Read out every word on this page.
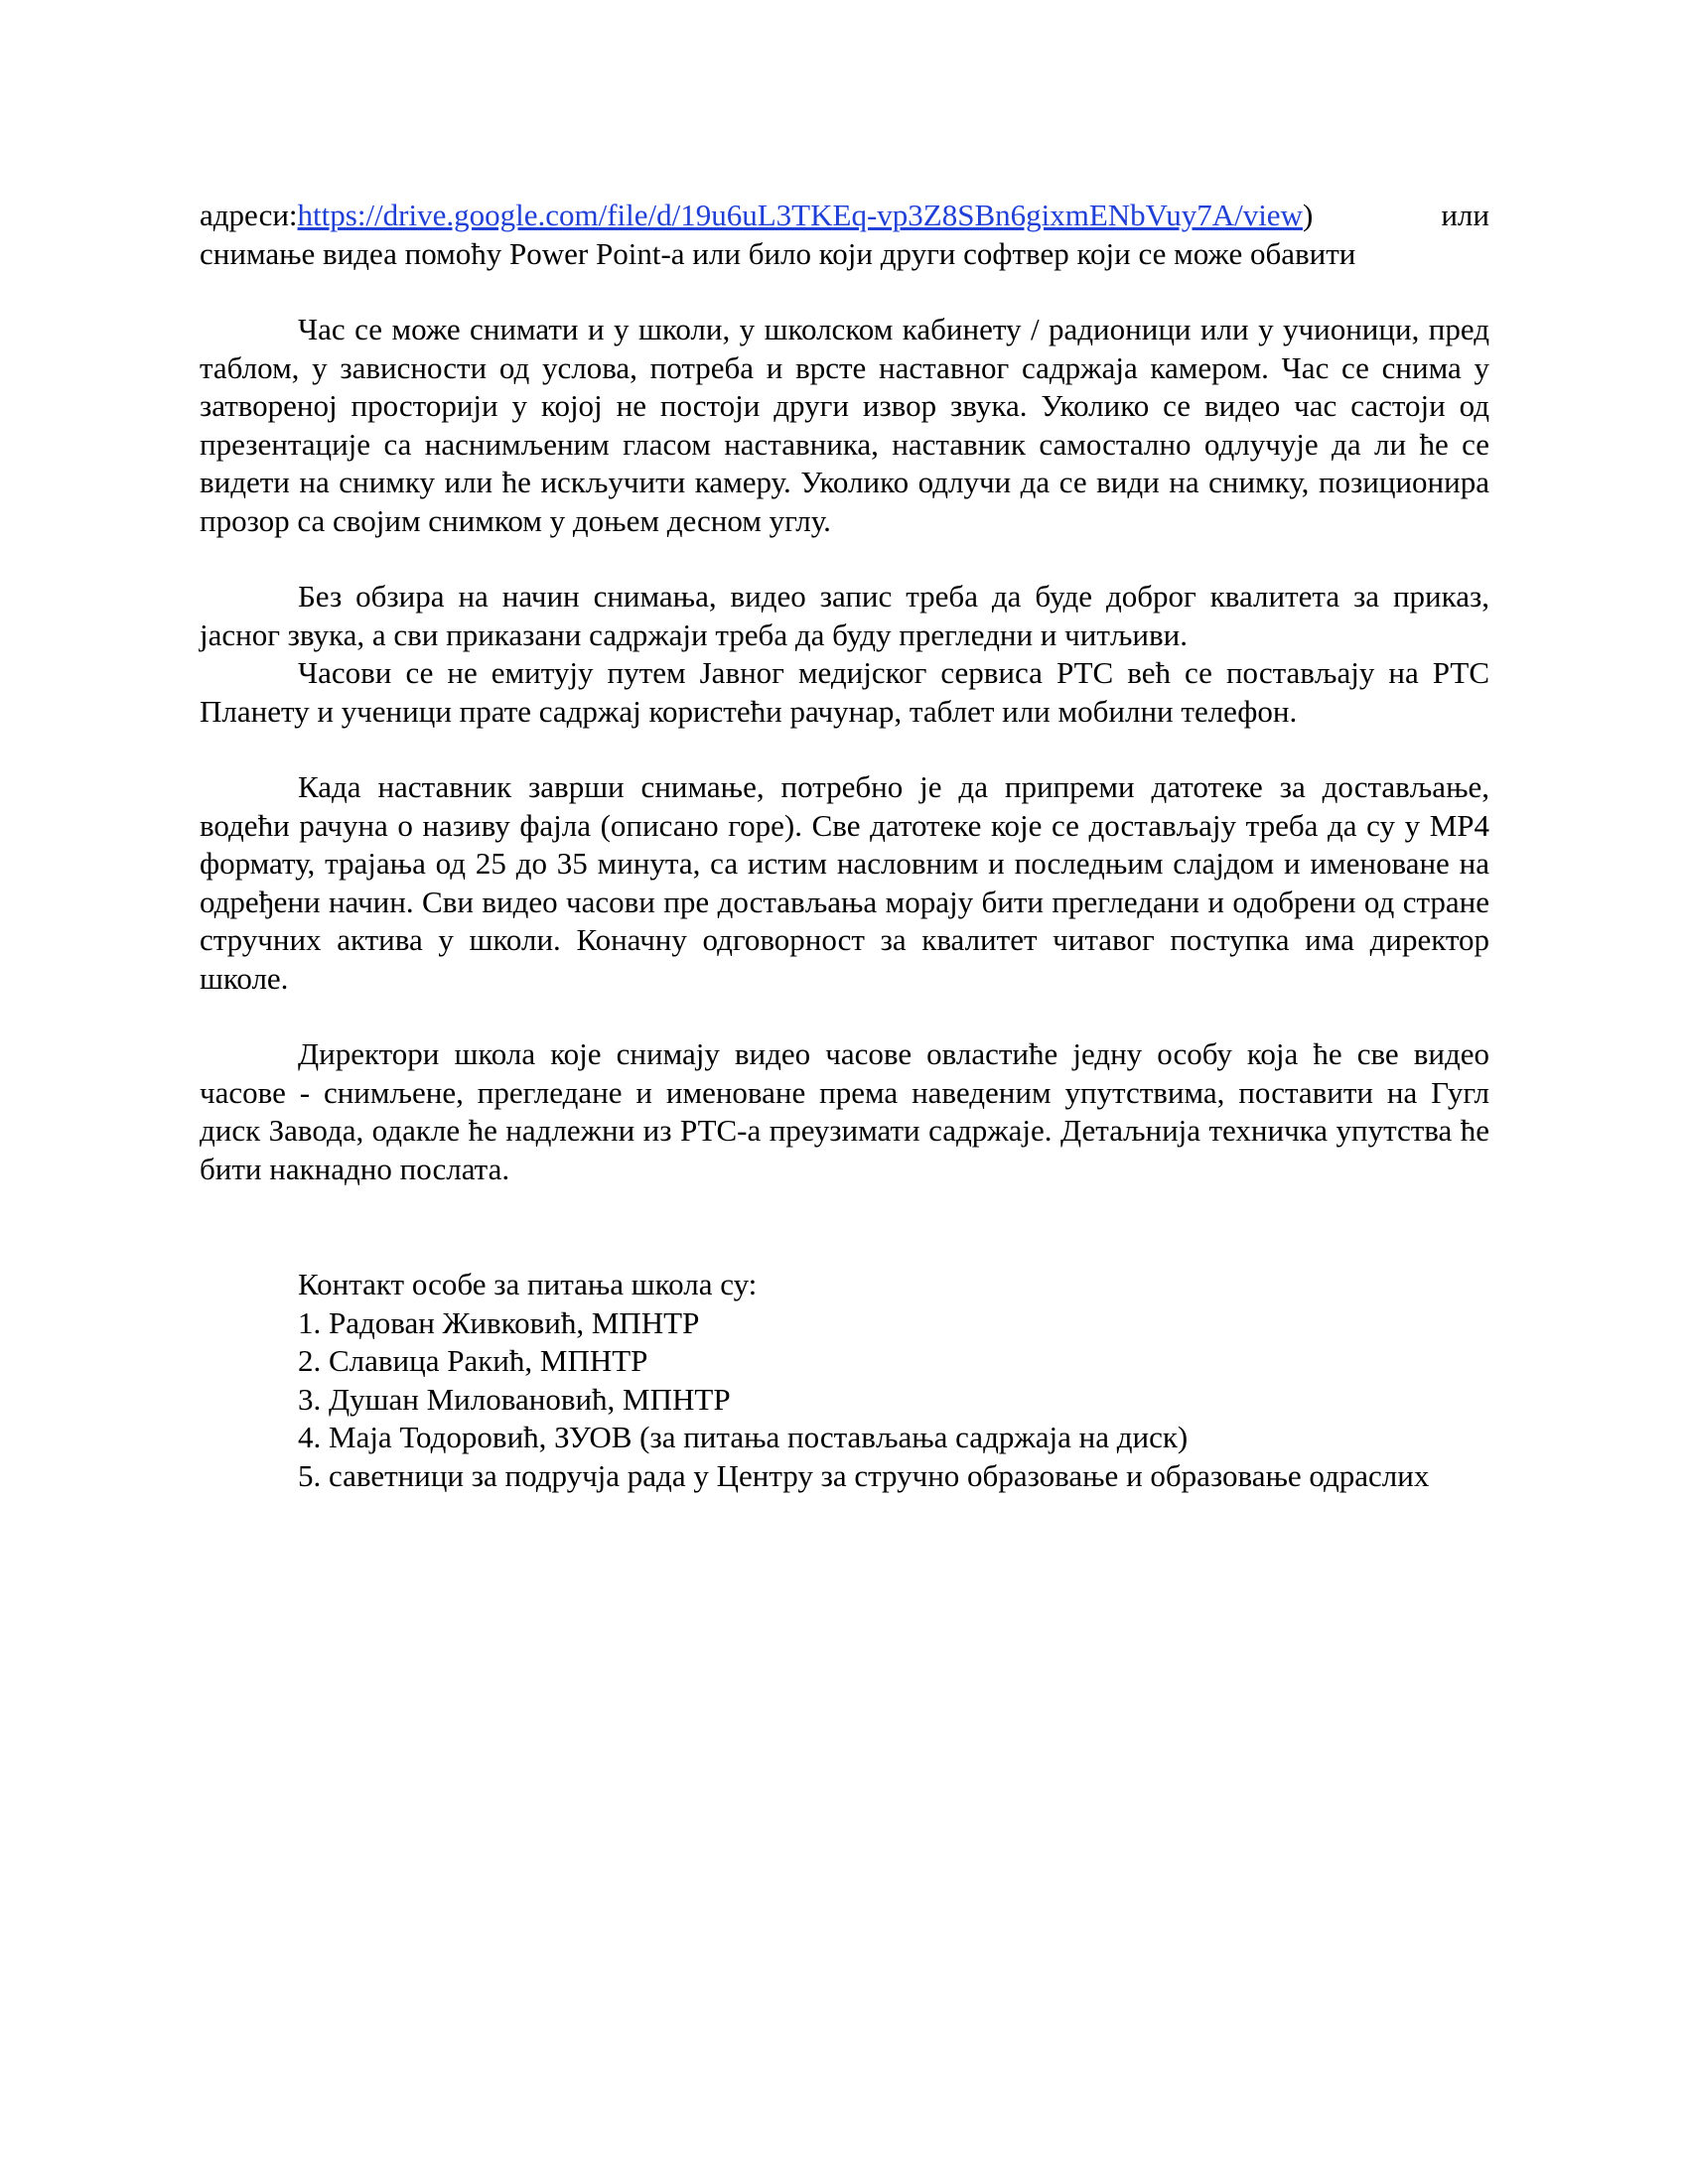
адреси:https://drive.google.com/file/d/19u6uL3TKEq-vp3Z8SBn6gixmENbVuy7A/view)	или

снимање видеа помоћу Power Point-a или било који други софтвер који се може обавити

Час се може снимати и у школи, у школском кабинету / радионици или у учионици, пред таблом, у зависности од услова, потреба и врсте наставног садржаја камером. Час се снима у затвореној просторији у којој не постоји други извор звука. Уколико се видео час састоји од презентације са наснимљеним гласом наставника, наставник самостално одлучује да ли ће се видети на снимку или ће искључити камеру. Уколико одлучи да се види на снимку, позиционира прозор са својим снимком у доњем десном углу.

Без обзира на начин снимања, видео запис треба да буде доброг квалитета за приказ, јасног звука, а сви приказани садржаји треба да буду прегледни и читљиви.

Часови се не емитују путем Јавног медијског сервиса РТС већ се постављају на РТС Планету и ученици прате садржај користећи рачунар, таблет или мобилни телефон.

Када наставник заврши снимање, потребно је да припреми датотеке за достављање, водећи рачуна о називу фајла (описано горе). Све датотеке које се достављају треба да су у МР4 формату, трајања од 25 до 35 минута, са истим насловним и последњим слајдом и именоване на одређени начин. Сви видео часови пре достављања морају бити прегледани и одобрени од стране стручних актива у школи. Коначну одговорност за квалитет читавог поступка има директор школе.

Директори школа које снимају видео часове овластиће једну особу која ће све видео часове - снимљене, прегледане и именоване према наведеним упутствима, поставити на Гугл диск Завода, одакле ће надлежни из РТС-а преузимати садржаје. Детаљнија техничка упутства ће бити накнадно послата.

Контакт особе за питања школа су:
1. Радован Живковић, МПНТР
2. Славица Ракић, МПНТР
3. Душан Миловановић, МПНТР
4. Маја Тодоровић, ЗУОВ (за питања постављања садржаја на диск)
5. саветници за подручја рада у Центру за стручно образовање и образовање одраслих
